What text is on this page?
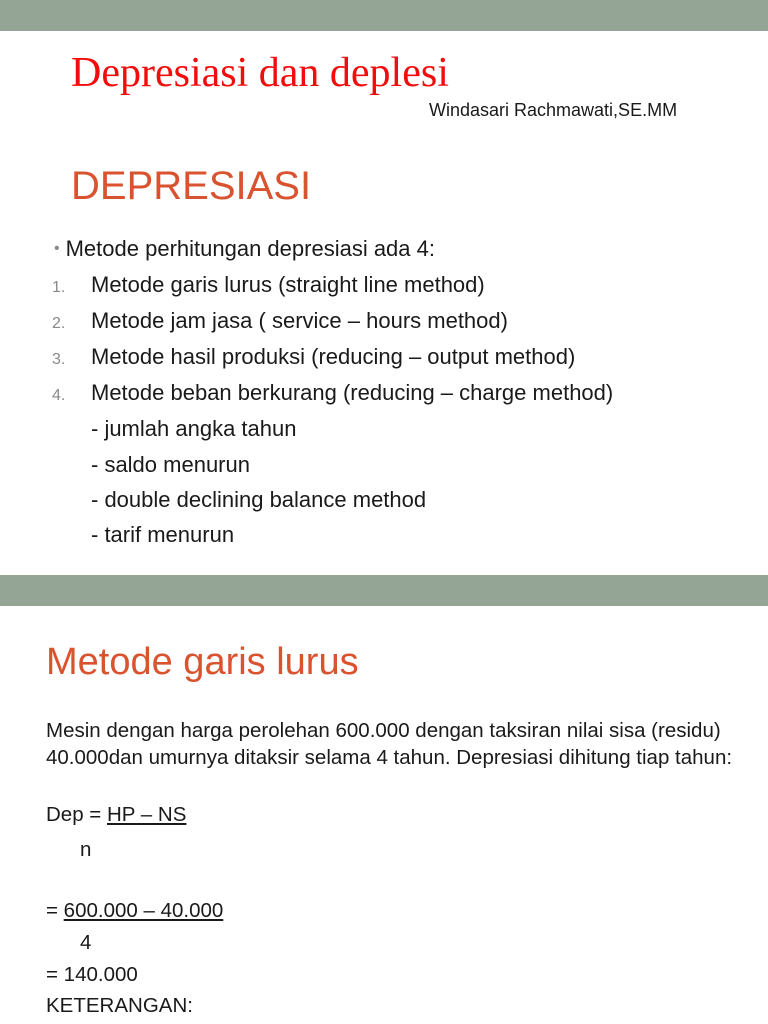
Depresiasi dan deplesi
Windasari Rachmawati,SE.MM
DEPRESIASI
• Metode perhitungan depresiasi ada 4:
1. Metode garis lurus (straight line method)
2. Metode jam jasa ( service – hours method)
3. Metode hasil produksi (reducing – output method)
4. Metode beban berkurang (reducing – charge method)
- jumlah angka tahun
- saldo menurun
- double declining balance method
- tarif menurun
Metode garis lurus
Mesin dengan harga perolehan 600.000 dengan taksiran nilai sisa (residu) 40.000dan umurnya ditaksir selama 4 tahun. Depresiasi dihitung tiap tahun:
Dep = HP – NS
n
= 600.000 – 40.000
4
= 140.000
KETERANGAN:
